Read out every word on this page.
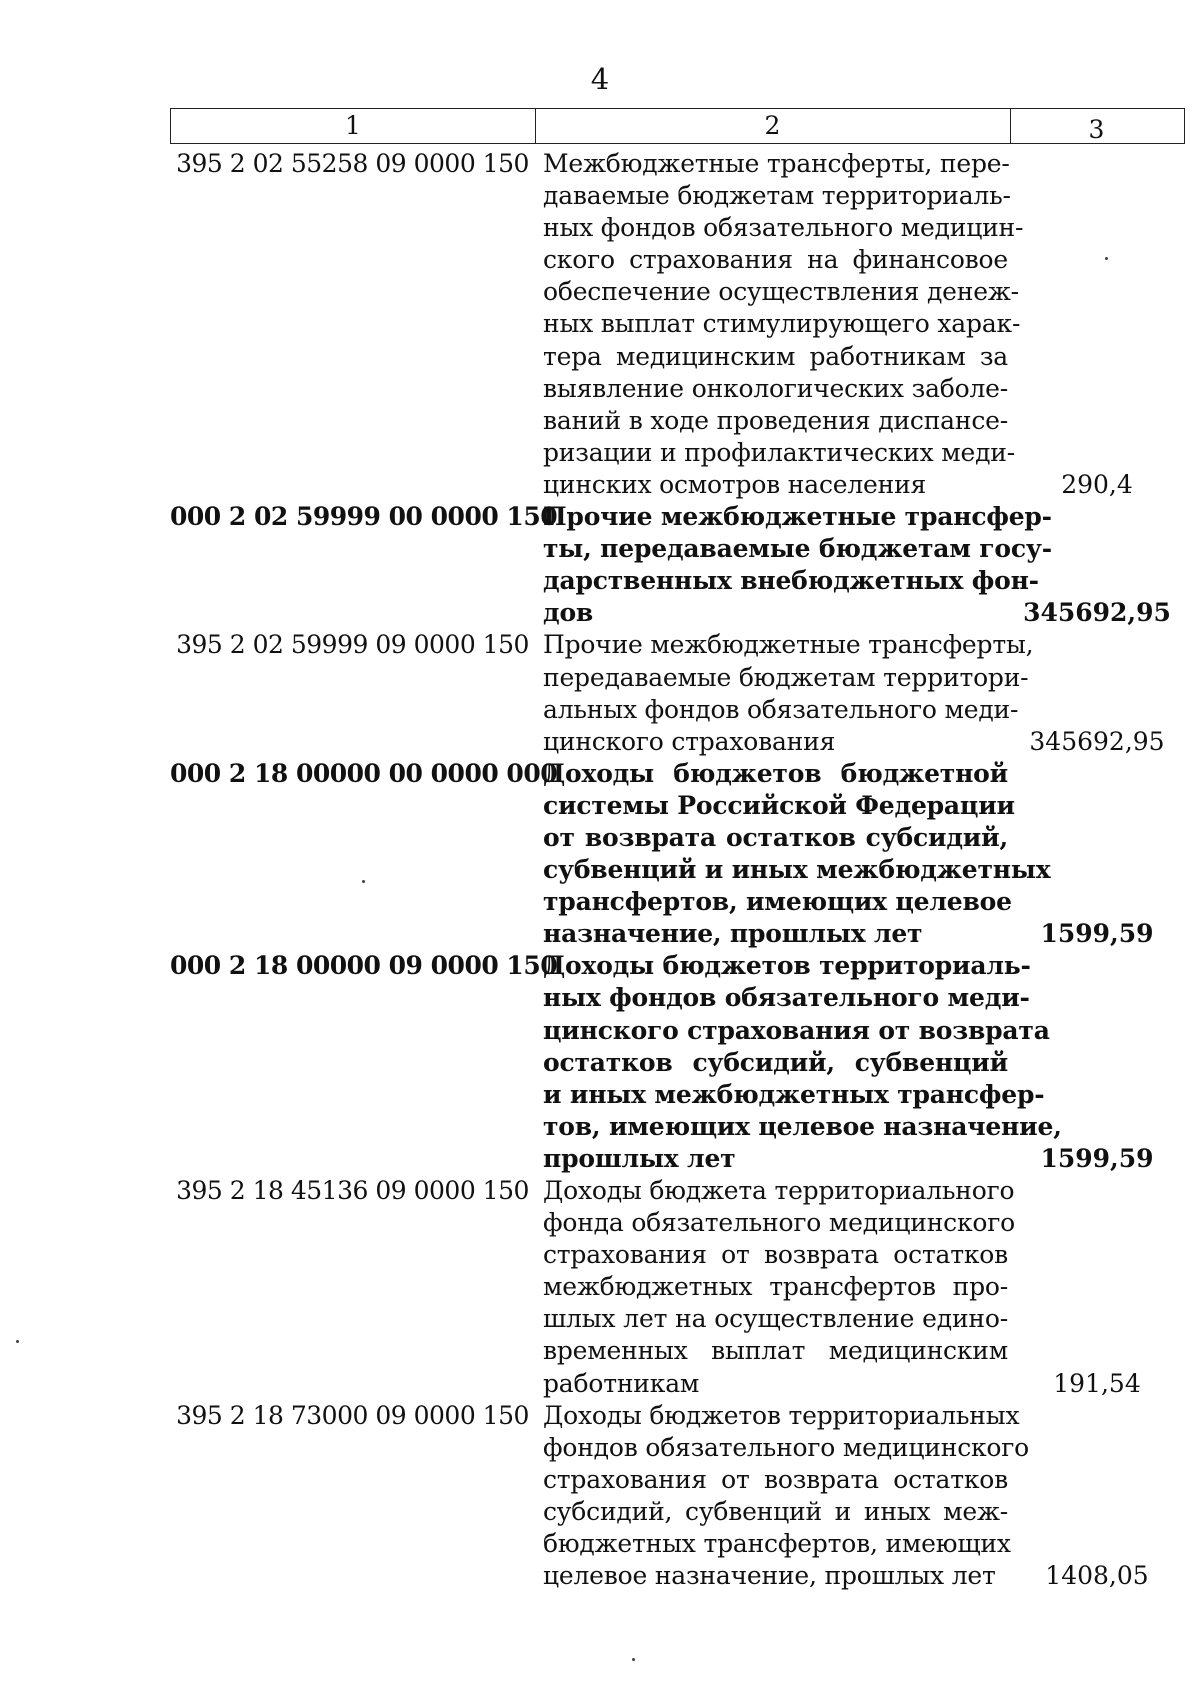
4
1	2	3
395 2 02 55258 09 0000 150 Межбюджетные трансферты, пере-
даваемые бюджетам территориаль-
ных фондов обязательного медицин-
ского страхования на финансовое
обеспечение осуществления денеж-
ных выплат стимулирующего харак-
тера медицинским работникам за
выявление онкологических заболе-
ваний в ходе проведения диспансе-
ризации и профилактических меди-
цинских осмотров населения	290,4
000 2 02 59999 00 0000 150
Прочие межбюджетные трансфер-
ты, передаваемые бюджетам госу-
дарственных внебюджетных фон-
дов	345692,95
395 2 02 59999 09 0000 150 Прочие межбюджетные трансферты,
передаваемые бюджетам территори-
альных фондов обязательного меди-
цинского страхования	345692,95
000 2 18 00000 00 0000 000
Доходы бюджетов бюджетной
системы Российской Федерации
от возврата остатков субсидий,
субвенций и иных межбюджетных
трансфертов, имеющих целевое
назначение, прошлых лет	1599,59
000 2 18 00000 09 0000 150
Доходы бюджетов территориаль-
ных фондов обязательного меди-
цинского страхования от возврата
остатков субсидий, субвенций
и иных межбюджетных трансфер-
тов, имеющих целевое назначение,
прошлых лет	1599,59
395 2 18 45136 09 0000 150 Доходы бюджета территориального
фонда обязательного медицинского
страхования от возврата остатков
межбюджетных трансфертов про-
шлых лет на осуществление едино-
временных выплат медицинским
работникам	191,54
395 2 18 73000 09 0000 150 Доходы бюджетов территориальных
фондов обязательного медицинского
страхования от возврата остатков
субсидий, субвенций и иных меж-
бюджетных трансфертов, имеющих
целевое назначение, прошлых лет	1408,05
